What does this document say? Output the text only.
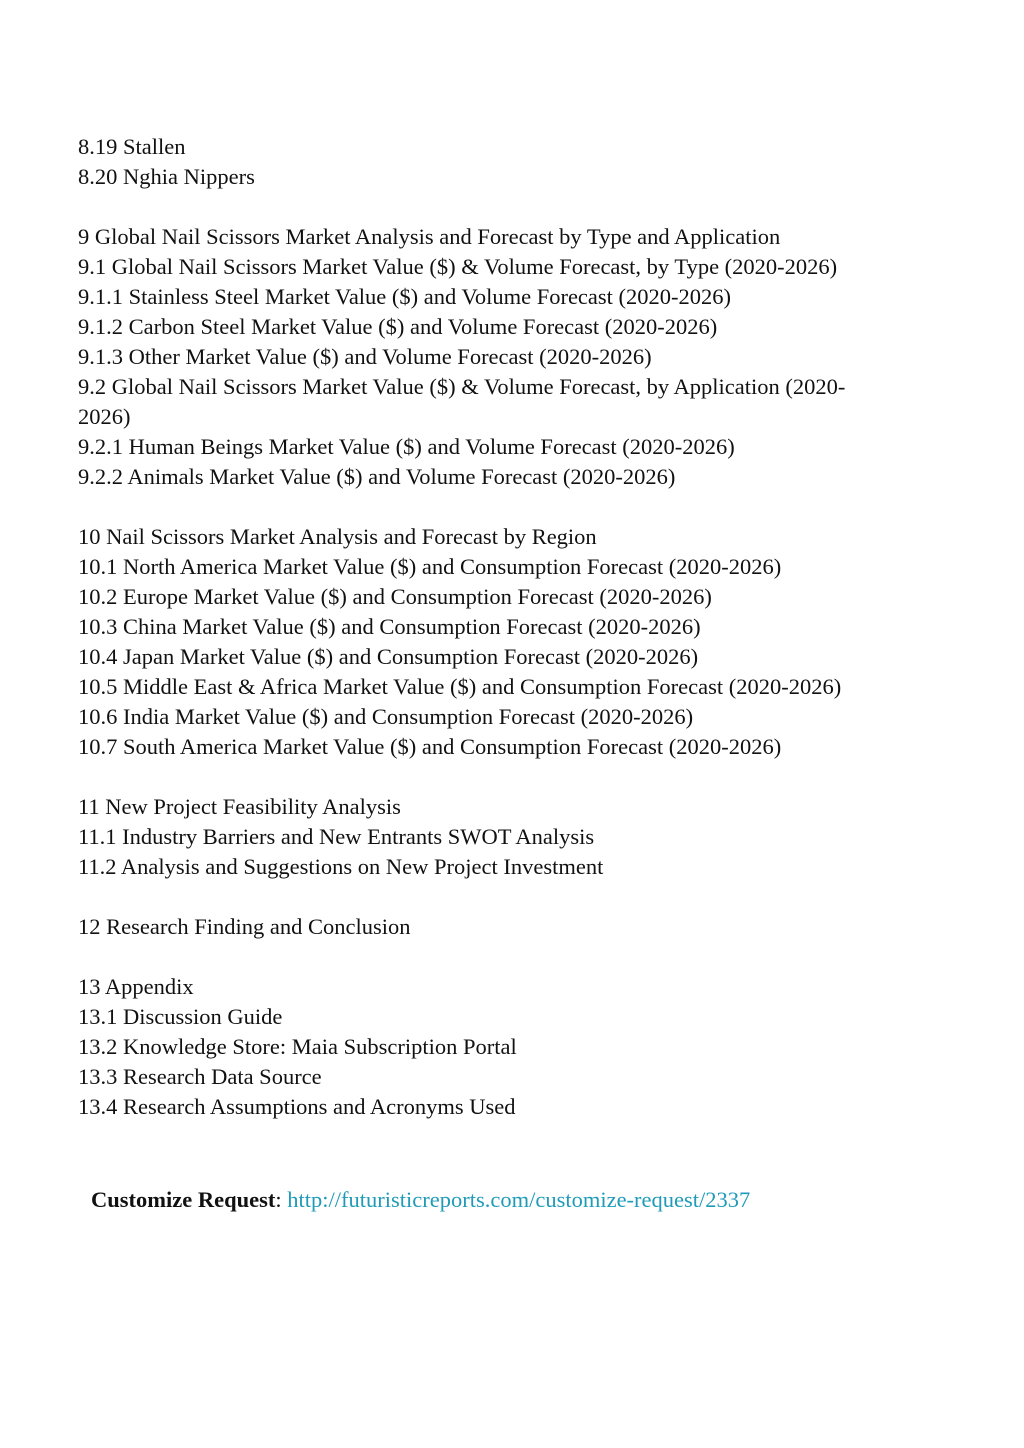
8.19 Stallen
8.20 Nghia Nippers
9 Global Nail Scissors Market Analysis and Forecast by Type and Application
9.1 Global Nail Scissors Market Value ($) & Volume Forecast, by Type (2020-2026)
9.1.1 Stainless Steel Market Value ($) and Volume Forecast (2020-2026)
9.1.2 Carbon Steel Market Value ($) and Volume Forecast (2020-2026)
9.1.3 Other Market Value ($) and Volume Forecast (2020-2026)
9.2 Global Nail Scissors Market Value ($) & Volume Forecast, by Application (2020-2026)
9.2.1 Human Beings Market Value ($) and Volume Forecast (2020-2026)
9.2.2 Animals Market Value ($) and Volume Forecast (2020-2026)
10 Nail Scissors Market Analysis and Forecast by Region
10.1 North America Market Value ($) and Consumption Forecast (2020-2026)
10.2 Europe Market Value ($) and Consumption Forecast (2020-2026)
10.3 China Market Value ($) and Consumption Forecast (2020-2026)
10.4 Japan Market Value ($) and Consumption Forecast (2020-2026)
10.5 Middle East & Africa Market Value ($) and Consumption Forecast (2020-2026)
10.6 India Market Value ($) and Consumption Forecast (2020-2026)
10.7 South America Market Value ($) and Consumption Forecast (2020-2026)
11 New Project Feasibility Analysis
11.1 Industry Barriers and New Entrants SWOT Analysis
11.2 Analysis and Suggestions on New Project Investment
12 Research Finding and Conclusion
13 Appendix
13.1 Discussion Guide
13.2 Knowledge Store: Maia Subscription Portal
13.3 Research Data Source
13.4 Research Assumptions and Acronyms Used
Customize Request: http://futuristicreports.com/customize-request/2337
